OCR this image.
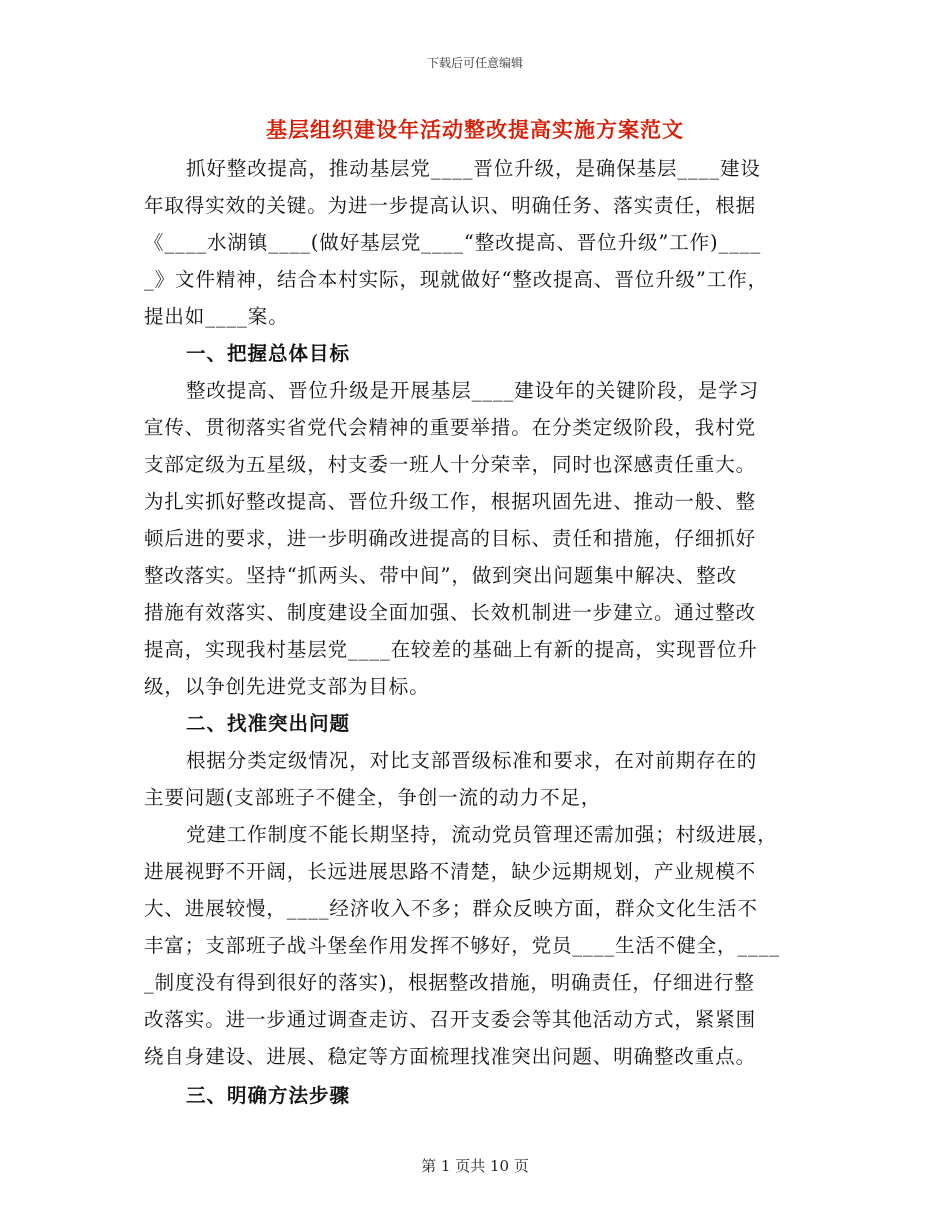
下载后可任意编辑
基层组织建设年活动整改提高实施方案范文
抓好整改提高，推动基层党____晋位升级，是确保基层____建设
年取得实效的关键。为进一步提高认识、明确任务、落实责任，根据
《____水湖镇____(做好基层党____“整改提高、晋位升级”工作)____
_》文件精神，结合本村实际，现就做好“整改提高、晋位升级”工作，
提出如____案。
一、把握总体目标
整改提高、晋位升级是开展基层____建设年的关键阶段，是学习
宣传、贯彻落实省党代会精神的重要举措。在分类定级阶段，我村党
支部定级为五星级，村支委一班人十分荣幸，同时也深感责任重大。
为扎实抓好整改提高、晋位升级工作，根据巩固先进、推动一般、整
顿后进的要求，进一步明确改进提高的目标、责任和措施，仔细抓好
整改落实。坚持“抓两头、带中间”，做到突出问题集中解决、整改
措施有效落实、制度建设全面加强、长效机制进一步建立。通过整改
提高，实现我村基层党____在较差的基础上有新的提高，实现晋位升
级，以争创先进党支部为目标。
二、找准突出问题
根据分类定级情况，对比支部晋级标准和要求，在对前期存在的
主要问题(支部班子不健全，争创一流的动力不足，
党建工作制度不能长期坚持，流动党员管理还需加强；村级进展，
进展视野不开阔，长远进展思路不清楚，缺少远期规划，产业规模不
大、进展较慢，____经济收入不多；群众反映方面，群众文化生活不
丰富；支部班子战斗堡垒作用发挥不够好，党员____生活不健全，____
_制度没有得到很好的落实)，根据整改措施，明确责任，仔细进行整
改落实。进一步通过调查走访、召开支委会等其他活动方式，紧紧围
绕自身建设、进展、稳定等方面梳理找准突出问题、明确整改重点。
三、明确方法步骤
第 1 页共 10 页
